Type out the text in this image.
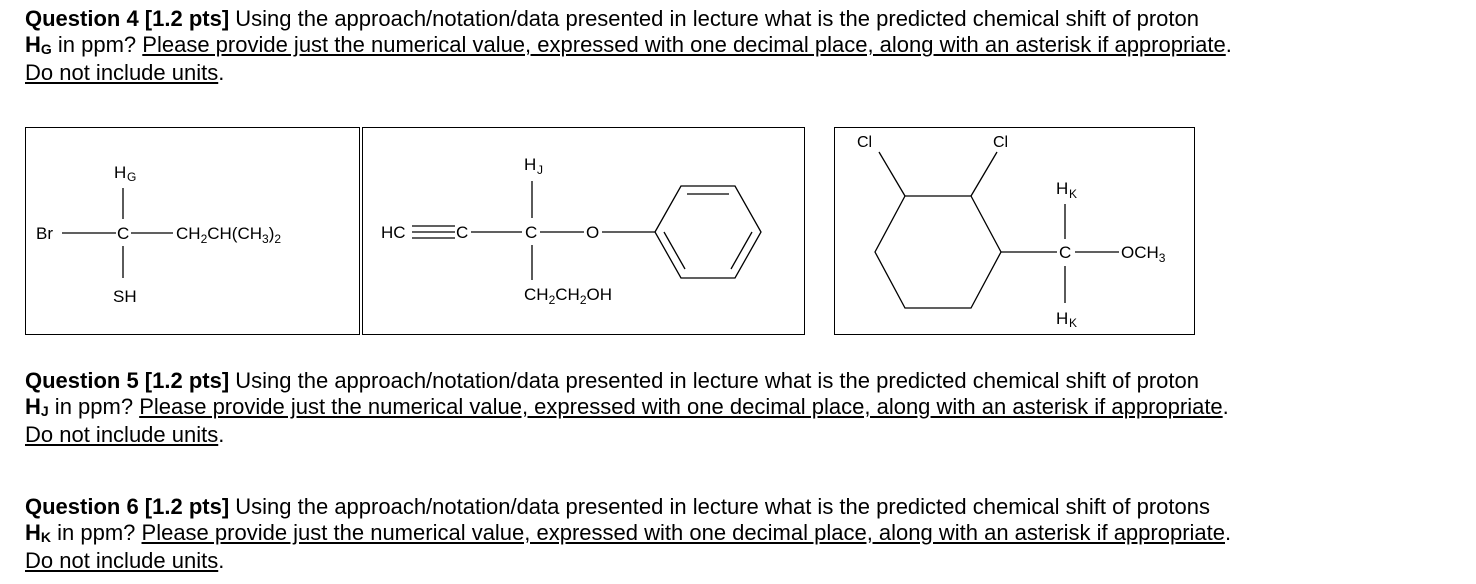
Question 4 [1.2 pts] Using the approach/notation/data presented in lecture what is the predicted chemical shift of proton
$H_G$ in ppm? Please provide just the numerical value, expressed with one decimal place, along with an asterisk if appropriate.
Do not include units.
H G
Br	C	$CH_2CH(CH_3)_2$
SH
H J
HC	C	C	O
$CH_2CH_2OH$
Cl	Cl
H K
C	$OCH_3$
H K
Question 5 [1.2 pts] Using the approach/notation/data presented in lecture what is the predicted chemical shift of proton
$H_J$ in ppm? Please provide just the numerical value, expressed with one decimal place, along with an asterisk if appropriate.
Do not include units.
Question 6 [1.2 pts] Using the approach/notation/data presented in lecture what is the predicted chemical shift of protons
$H_K$ in ppm? Please provide just the numerical value, expressed with one decimal place, along with an asterisk if appropriate.
Do not include units.
